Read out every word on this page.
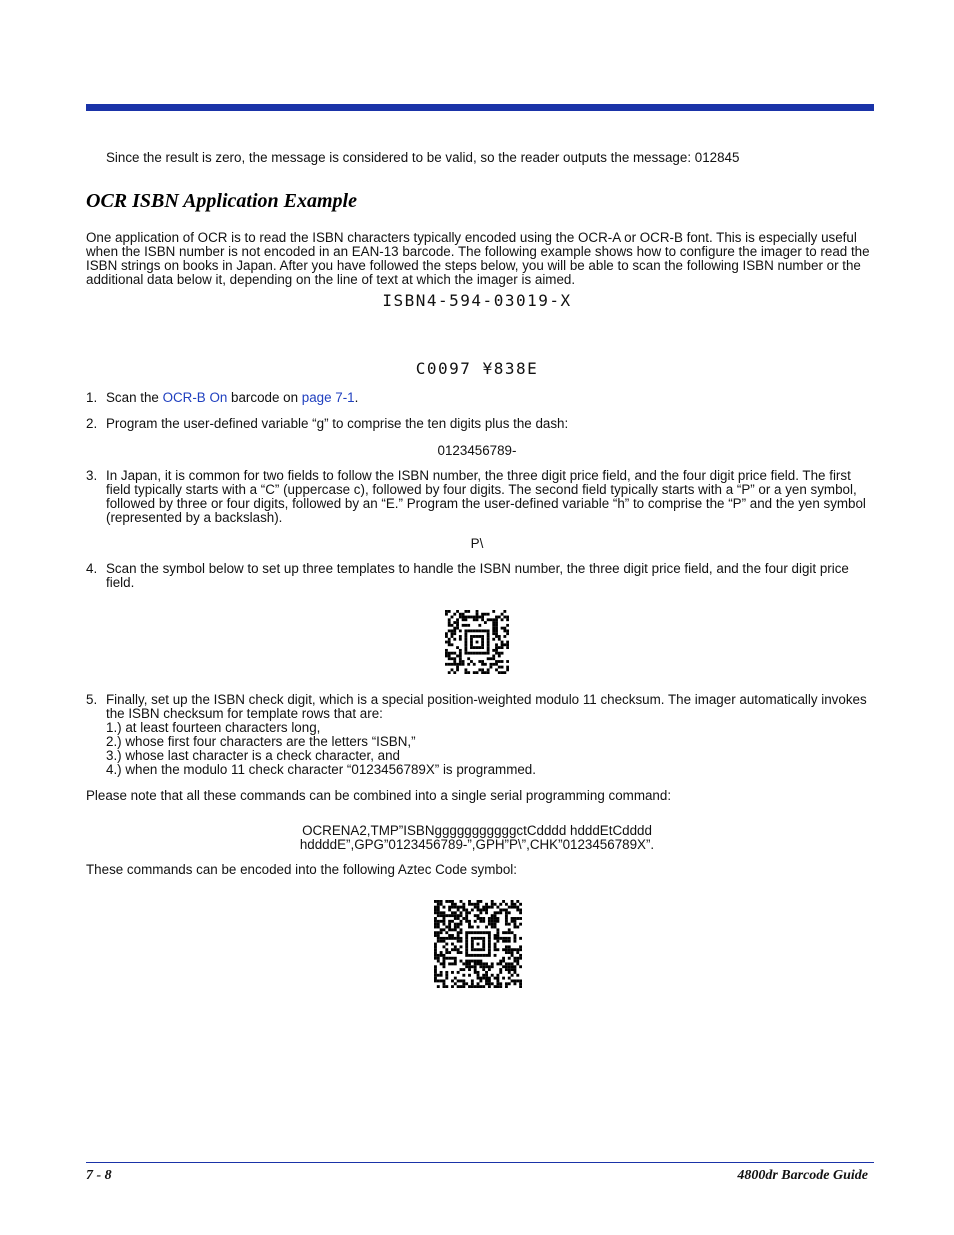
Since the result is zero, the message is considered to be valid, so the reader outputs the message: 012845
OCR ISBN Application Example
One application of OCR is to read the ISBN characters typically encoded using the OCR-A or OCR-B font. This is especially useful when the ISBN number is not encoded in an EAN-13 barcode. The following example shows how to configure the imager to read the ISBN strings on books in Japan. After you have followed the steps below, you will be able to scan the following ISBN number or the additional data below it, depending on the line of text at which the imager is aimed.
ISBN4-594-03019-X
C0097 ¥838E
1. Scan the OCR-B On barcode on page 7-1.
2. Program the user-defined variable “g” to comprise the ten digits plus the dash:
0123456789-
3. In Japan, it is common for two fields to follow the ISBN number, the three digit price field, and the four digit price field. The first field typically starts with a “C” (uppercase c), followed by four digits. The second field typically starts with a “P” or a yen symbol, followed by three or four digits, followed by an “E.” Program the user-defined variable “h” to comprise the “P” and the yen symbol (represented by a backslash).
P\
4. Scan the symbol below to set up three templates to handle the ISBN number, the three digit price field, and the four digit price field.
5. Finally, set up the ISBN check digit, which is a special position-weighted modulo 11 checksum. The imager automatically invokes the ISBN checksum for template rows that are:
1.) at least fourteen characters long,
2.) whose first four characters are the letters “ISBN,”
3.) whose last character is a check character, and
4.) when the modulo 11 check character “0123456789X” is programmed.
Please note that all these commands can be combined into a single serial programming command:
OCRENA2,TMP”ISBNgggggggggggctCdddd hdddEtCdddd
hddddE”,GPG”0123456789-”,GPH”P\”,CHK”0123456789X”.
These commands can be encoded into the following Aztec Code symbol:
7 - 8	4800dr Barcode Guide
